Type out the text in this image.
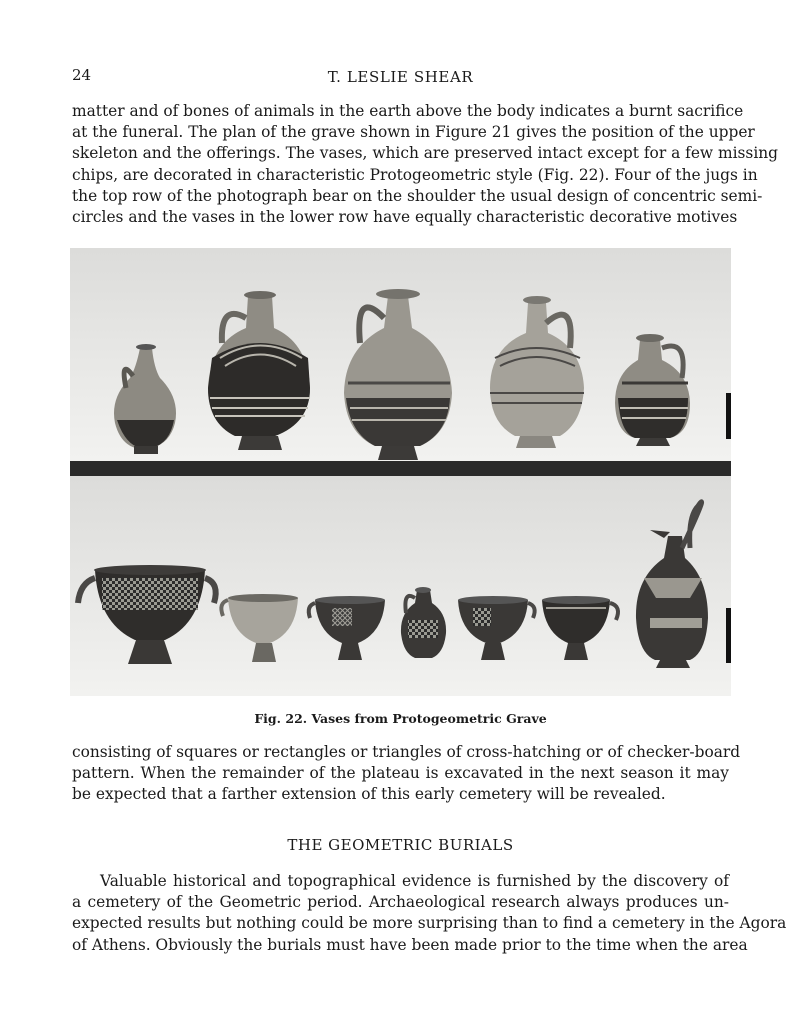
24	T. LESLIE SHEAR
matter and of bones of animals in the earth above the body indicates a burnt sacrifice
at the funeral. The plan of the grave shown in Figure 21 gives the position of the upper
skeleton and the offerings. The vases, which are preserved intact except for a few missing
chips, are decorated in characteristic Protogeometric style (Fig. 22). Four of the jugs in
the top row of the photograph bear on the shoulder the usual design of concentric semi-
circles and the vases in the lower row have equally characteristic decorative motives
Fig. 22. Vases from Protogeometric Grave
consisting of squares or rectangles or triangles of cross-hatching or of checker-board
pattern. When the remainder of the plateau is excavated in the next season it may
be expected that a farther extension of this early cemetery will be revealed.
THE GEOMETRIC BURIALS
Valuable historical and topographical evidence is furnished by the discovery of
a cemetery of the Geometric period. Archaeological research always produces un-
expected results but nothing could be more surprising than to find a cemetery in the Agora
of Athens. Obviously the burials must have been made prior to the time when the area
